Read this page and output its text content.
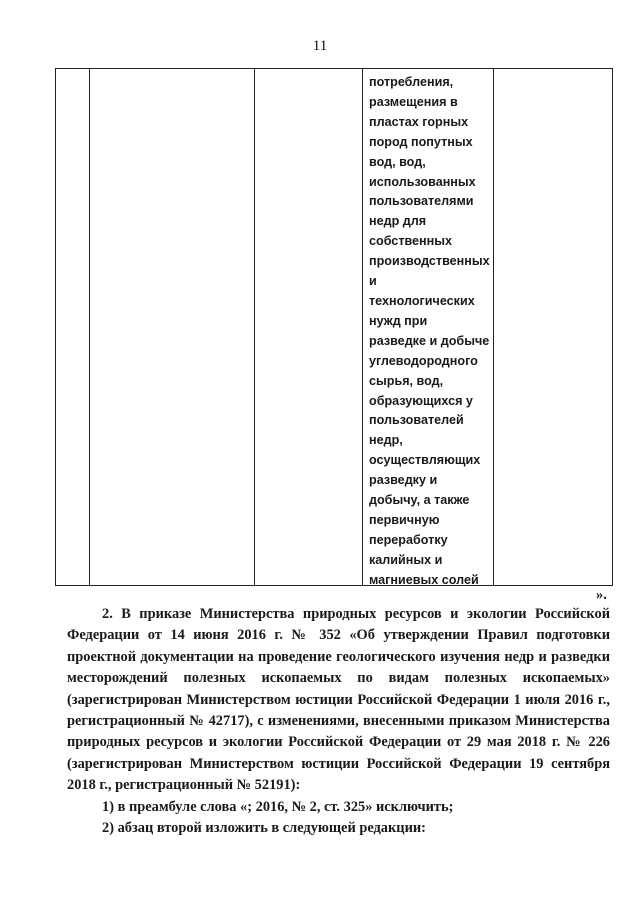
11
потребления,
размещения в
пластах горных
пород попутных
вод, вод,
использованных
пользователями
недр для
собственных
производственных
и
технологических
нужд при
разведке и добыче
углеводородного
сырья, вод,
образующихся у
пользователей
недр,
осуществляющих
разведку и
добычу, а также
первичную
переработку
калийных и
магниевых солей
».
2. В приказе Министерства природных ресурсов и экологии Российской
Федерации от 14 июня 2016 г. № 352 «Об утверждении Правил подготовки
проектной документации на проведение геологического изучения недр и разведки
месторождений полезных ископаемых по видам полезных ископаемых»
(зарегистрирован Министерством юстиции Российской Федерации 1 июля 2016 г.,
регистрационный № 42717), с изменениями, внесенными приказом Министерства
природных ресурсов и экологии Российской Федерации от 29 мая 2018 г. № 226
(зарегистрирован Министерством юстиции Российской Федерации 19 сентября
2018 г., регистрационный № 52191):
1) в преамбуле слова «; 2016, № 2, ст. 325» исключить;
2) абзац второй изложить в следующей редакции:
